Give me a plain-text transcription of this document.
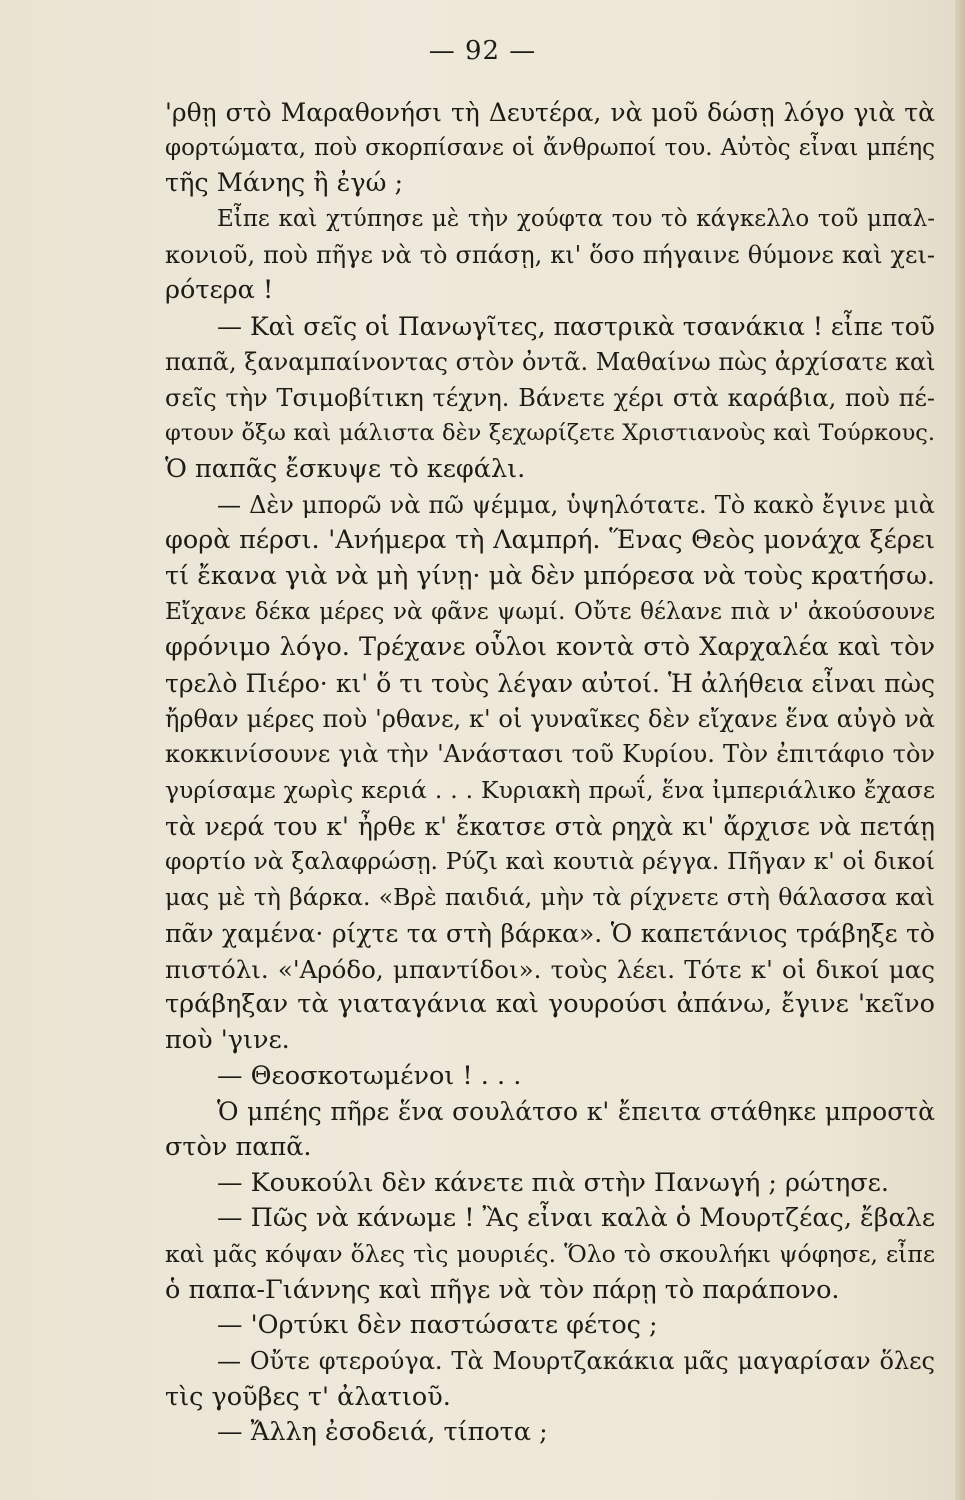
— 92 —
'ρθῃ στὸ Μαραθονήσι τὴ Δευτέρα, νὰ μοῦ δώσῃ λόγο γιὰ τὰ
φορτώματα, ποὺ σκορπίσανε οἱ ἄνθρωποί του. Αὐτὸς εἶναι μπέης
τῆς Μάνης ἢ ἐγώ ;
Εἶπε καὶ χτύπησε μὲ τὴν χούφτα του τὸ κάγκελλο τοῦ μπαλ-
κονιοῦ, ποὺ πῆγε νὰ τὸ σπάσῃ, κι' ὅσο πήγαινε θύμονε καὶ χει-
ρότερα !
— Καὶ σεῖς οἱ Πανωγῖτες, παστρικὰ τσανάκια ! εἶπε τοῦ
παπᾶ, ξαναμπαίνοντας στὸν ὀντᾶ. Μαθαίνω πὼς ἀρχίσατε καὶ
σεῖς τὴν Τσιμοβίτικη τέχνη. Βάνετε χέρι στὰ καράβια, ποὺ πέ-
φτουν ὄξω καὶ μάλιστα δὲν ξεχωρίζετε Χριστιανοὺς καὶ Τούρκους.
Ὁ παπᾶς ἔσκυψε τὸ κεφάλι.
— Δὲν μπορῶ νὰ πῶ ψέμμα, ὑψηλότατε. Τὸ κακὸ ἔγινε μιὰ
φορὰ πέρσι. 'Ανήμερα τὴ Λαμπρή. Ἕνας Θεὸς μονάχα ξέρει
τί ἔκανα γιὰ νὰ μὴ γίνῃ· μὰ δὲν μπόρεσα νὰ τοὺς κρατήσω.
Εἴχανε δέκα μέρες νὰ φᾶνε ψωμί. Οὔτε θέλανε πιὰ ν' ἀκούσουνε
φρόνιμο λόγο. Τρέχανε οὗλοι κοντὰ στὸ Χαρχαλέα καὶ τὸν
τρελὸ Πιέρο· κι' ὅ τι τοὺς λέγαν αὐτοί. Ἡ ἀλήθεια εἶναι πὼς
ἤρθαν μέρες ποὺ 'ρθανε, κ' οἱ γυναῖκες δὲν εἴχανε ἕνα αὐγὸ νὰ
κοκκινίσουνε γιὰ τὴν 'Ανάστασι τοῦ Κυρίου. Τὸν ἐπιτάφιο τὸν
γυρίσαμε χωρὶς κεριά . . . Κυριακὴ πρωΐ, ἕνα ἰμπεριάλικο ἔχασε
τὰ νερά του κ' ἦρθε κ' ἔκατσε στὰ ρηχὰ κι' ἄρχισε νὰ πετάῃ
φορτίο νὰ ξαλαφρώσῃ. Ρύζι καὶ κουτιὰ ρέγγα. Πῆγαν κ' οἱ δικοί
μας μὲ τὴ βάρκα. «Βρὲ παιδιά, μὴν τὰ ρίχνετε στὴ θάλασσα καὶ
πᾶν χαμένα· ρίχτε τα στὴ βάρκα». Ὁ καπετάνιος τράβηξε τὸ
πιστόλι. «'Αρόδο, μπαντίδοι». τοὺς λέει. Τότε κ' οἱ δικοί μας
τράβηξαν τὰ γιαταγάνια καὶ γουρούσι ἀπάνω, ἔγινε 'κεῖνο
ποὺ 'γινε.
— Θεοσκοτωμένοι ! . . .
Ὁ μπέης πῆρε ἕνα σουλάτσο κ' ἔπειτα στάθηκε μπροστὰ
στὸν παπᾶ.
— Κουκούλι δὲν κάνετε πιὰ στὴν Πανωγή ; ρώτησε.
— Πῶς νὰ κάνωμε ! Ἂς εἶναι καλὰ ὁ Μουρτζέας, ἔβαλε
καὶ μᾶς κόψαν ὅλες τὶς μουριές. Ὅλο τὸ σκουλήκι ψόφησε, εἶπε
ὁ παπα-Γιάννης καὶ πῆγε νὰ τὸν πάρῃ τὸ παράπονο.
— 'Ορτύκι δὲν παστώσατε φέτος ;
— Οὔτε φτερούγα. Τὰ Μουρτζακάκια μᾶς μαγαρίσαν ὅλες
τὶς γοῦβες τ' ἀλατιοῦ.
— Ἄλλη ἐσοδειά, τίποτα ;
